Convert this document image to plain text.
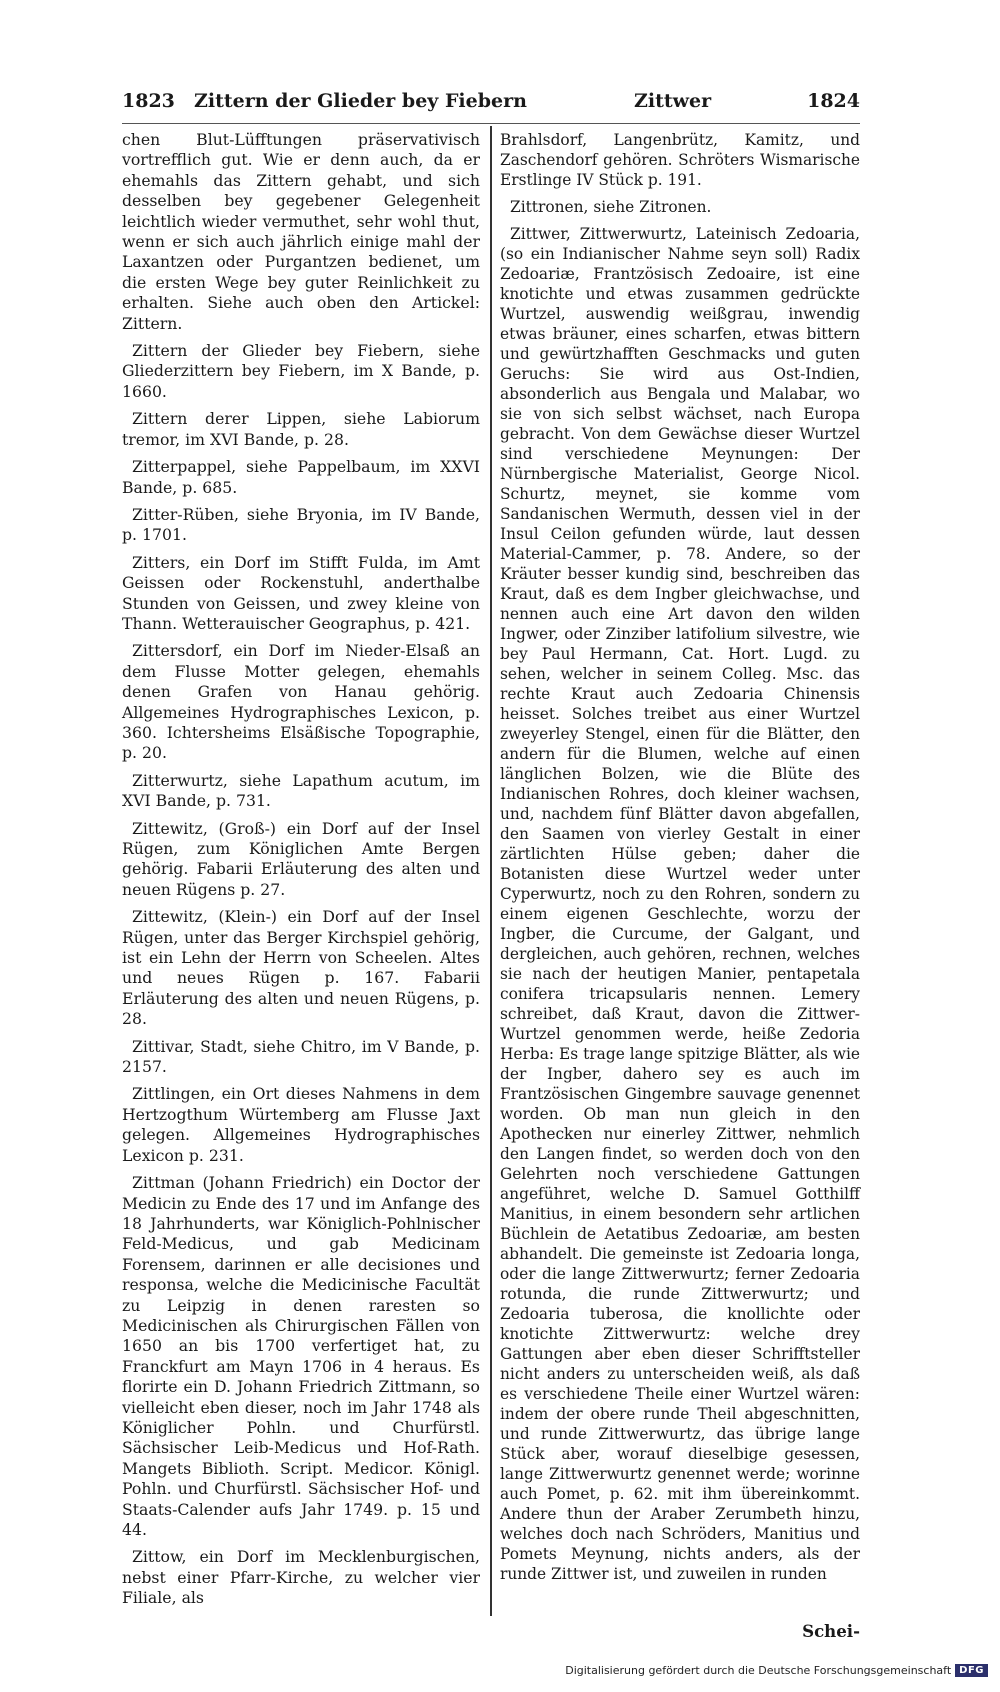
1823 Zittern der Glieder bey Fiebern	Zittwer	1824

chen Blut-Lüfftungen präservativisch vortrefflich gut. Wie er denn auch, da er ehemahls das Zittern gehabt, und sich desselben bey gegebener Gelegenheit leichtlich wieder vermuthet, sehr wohl thut, wenn er sich auch jährlich einige mahl der Laxantzen oder Purgantzen bedienet, um die ersten Wege bey guter Reinlichkeit zu erhalten. Siehe auch oben den Artickel: Zittern.

Zittern der Glieder bey Fiebern, siehe Gliederzittern bey Fiebern, im X Bande, p. 1660.

Zittern derer Lippen, siehe Labiorum tremor, im XVI Bande, p. 28.

Zitterpappel, siehe Pappelbaum, im XXVI Bande, p. 685.

Zitter-Rüben, siehe Bryonia, im IV Bande, p. 1701.

Zitters, ein Dorf im Stifft Fulda, im Amt Geissen oder Rockenstuhl, anderthalbe Stunden von Geissen, und zwey kleine von Thann. Wetterauischer Geographus, p. 421.

Zittersdorf, ein Dorf im Nieder-Elsaß an dem Flusse Motter gelegen, ehemahls denen Grafen von Hanau gehörig. Allgemeines Hydrographisches Lexicon, p. 360. Ichtersheims Elsäßische Topographie, p. 20.

Zitterwurtz, siehe Lapathum acutum, im XVI Bande, p. 731.

Zittewitz, (Groß-) ein Dorf auf der Insel Rügen, zum Königlichen Amte Bergen gehörig. Fabarii Erläuterung des alten und neuen Rügens p. 27.

Zittewitz, (Klein-) ein Dorf auf der Insel Rügen, unter das Berger Kirchspiel gehörig, ist ein Lehn der Herrn von Scheelen. Altes und neues Rügen p. 167. Fabarii Erläuterung des alten und neuen Rügens, p. 28.

Zittivar, Stadt, siehe Chitro, im V Bande, p. 2157.

Zittlingen, ein Ort dieses Nahmens in dem Hertzogthum Würtemberg am Flusse Jaxt gelegen. Allgemeines Hydrographisches Lexicon p. 231.

Zittman (Johann Friedrich) ein Doctor der Medicin zu Ende des 17 und im Anfange des 18 Jahrhunderts, war Königlich-Pohlnischer Feld-Medicus, und gab Medicinam Forensem, darinnen er alle decisiones und responsa, welche die Medicinische Facultät zu Leipzig in denen raresten so Medicinischen als Chirurgischen Fällen von 1650 an bis 1700 verfertiget hat, zu Franckfurt am Mayn 1706 in 4 heraus. Es florirte ein D. Johann Friedrich Zittmann, so vielleicht eben dieser, noch im Jahr 1748 als Königlicher Pohln. und Churfürstl. Sächsischer Leib-Medicus und Hof-Rath. Mangets Biblioth. Script. Medicor. Königl. Pohln. und Churfürstl. Sächsischer Hof- und Staats-Calender aufs Jahr 1749. p. 15 und 44.

Zittow, ein Dorf im Mecklenburgischen, nebst einer Pfarr-Kirche, zu welcher vier Filiale, als

Brahlsdorf, Langenbrütz, Kamitz, und Zaschendorf gehören. Schröters Wismarische Erstlinge IV Stück p. 191.

Zittronen, siehe Zitronen.

Zittwer, Zittwerwurtz, Lateinisch Zedoaria, (so ein Indianischer Nahme seyn soll) Radix Zedoariæ, Frantzösisch Zedoaire, ist eine knotichte und etwas zusammen gedrückte Wurtzel, auswendig weißgrau, inwendig etwas bräuner, eines scharfen, etwas bittern und gewürtzhafften Geschmacks und guten Geruchs: Sie wird aus Ost-Indien, absonderlich aus Bengala und Malabar, wo sie von sich selbst wächset, nach Europa gebracht. Von dem Gewächse dieser Wurtzel sind verschiedene Meynungen: Der Nürnbergische Materialist, George Nicol. Schurtz, meynet, sie komme vom Sandanischen Wermuth, dessen viel in der Insul Ceilon gefunden würde, laut dessen Material-Cammer, p. 78. Andere, so der Kräuter besser kundig sind, beschreiben das Kraut, daß es dem Ingber gleichwachse, und nennen auch eine Art davon den wilden Ingwer, oder Zinziber latifolium silvestre, wie bey Paul Hermann, Cat. Hort. Lugd. zu sehen, welcher in seinem Colleg. Msc. das rechte Kraut auch Zedoaria Chinensis heisset. Solches treibet aus einer Wurtzel zweyerley Stengel, einen für die Blätter, den andern für die Blumen, welche auf einen länglichen Bolzen, wie die Blüte des Indianischen Rohres, doch kleiner wachsen, und, nachdem fünf Blätter davon abgefallen, den Saamen von vierley Gestalt in einer zärtlichten Hülse geben; daher die Botanisten diese Wurtzel weder unter Cyperwurtz, noch zu den Rohren, sondern zu einem eigenen Geschlechte, worzu der Ingber, die Curcume, der Galgant, und dergleichen, auch gehören, rechnen, welches sie nach der heutigen Manier, pentapetala conifera tricapsularis nennen. Lemery schreibet, daß Kraut, davon die Zittwer-Wurtzel genommen werde, heiße Zedoria Herba: Es trage lange spitzige Blätter, als wie der Ingber, dahero sey es auch im Frantzösischen Gingembre sauvage genennet worden. Ob man nun gleich in den Apothecken nur einerley Zittwer, nehmlich den Langen findet, so werden doch von den Gelehrten noch verschiedene Gattungen angeführet, welche D. Samuel Gotthilff Manitius, in einem besondern sehr artlichen Büchlein de Aetatibus Zedoariæ, am besten abhandelt. Die gemeinste ist Zedoaria longa, oder die lange Zittwerwurtz; ferner Zedoaria rotunda, die runde Zittwerwurtz; und Zedoaria tuberosa, die knollichte oder knotichte Zittwerwurtz: welche drey Gattungen aber eben dieser Schrifftsteller nicht anders zu unterscheiden weiß, als daß es verschiedene Theile einer Wurtzel wären: indem der obere runde Theil abgeschnitten, und runde Zittwerwurtz, das übrige lange Stück aber, worauf dieselbige gesessen, lange Zittwerwurtz genennet werde; worinne auch Pomet, p. 62. mit ihm übereinkommt. Andere thun der Araber Zerumbeth hinzu, welches doch nach Schröders, Manitius und Pomets Meynung, nichts anders, als der runde Zittwer ist, und zuweilen in runden

Schei-
Digitalisierung gefördert durch die Deutsche Forschungsgemeinschaft DFG
